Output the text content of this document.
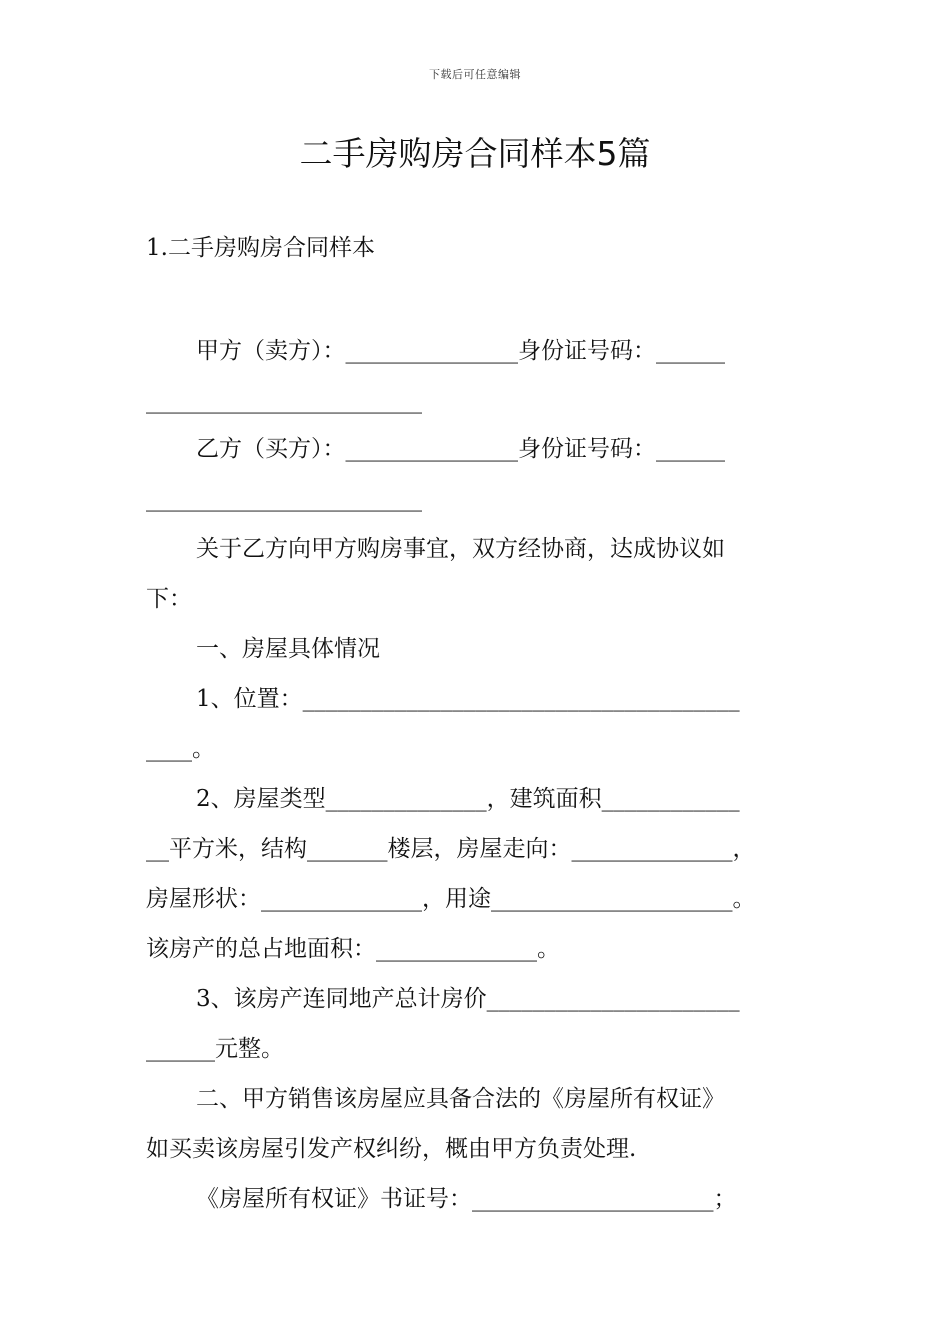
下载后可任意编辑
二手房购房合同样本5篇
1.二手房购房合同样本
甲方（卖方）：_______________身份证号码：______
________________________
乙方（买方）：_______________身份证号码：______
________________________
关于乙方向甲方购房事宜，双方经协商，达成协议如
下：
一、房屋具体情况
1、位置：______________________________________
____。
2、房屋类型______________，建筑面积____________
__平方米，结构_______楼层，房屋走向：______________，
房屋形状：______________，用途_____________________。
该房产的总占地面积：______________。
3、该房产连同地产总计房价______________________
______元整。
二、甲方销售该房屋应具备合法的《房屋所有权证》
如买卖该房屋引发产权纠纷，概由甲方负责处理.
《房屋所有权证》书证号：_____________________；
